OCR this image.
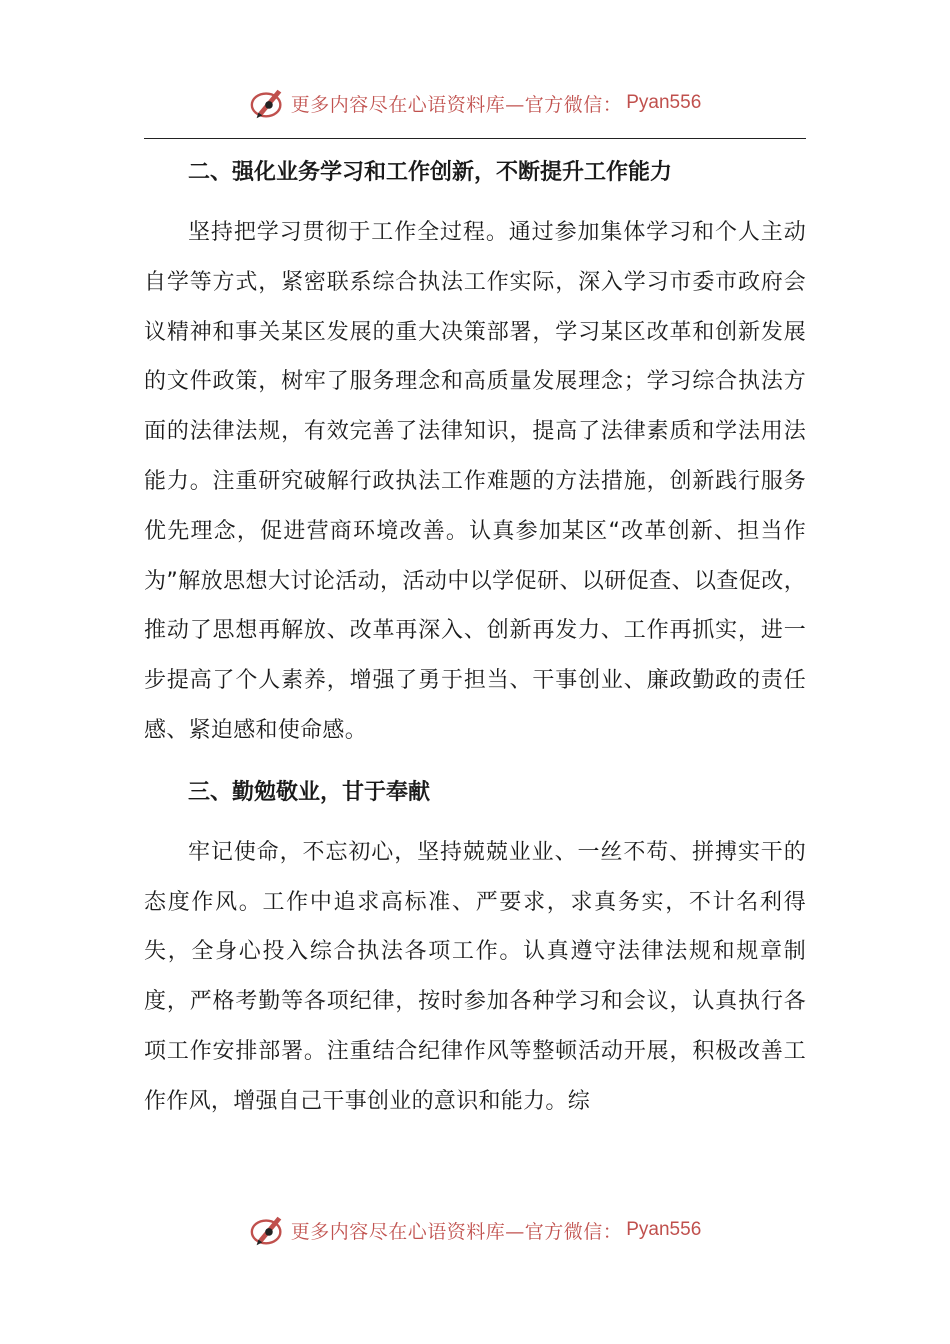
更多内容尽在心语资料库—官方微信： Pyan556

二、强化业务学习和工作创新，不断提升工作能力

坚持把学习贯彻于工作全过程。通过参加集体学习和个人主动自学等方式，紧密联系综合执法工作实际，深入学习市委市政府会议精神和事关某区发展的重大决策部署，学习某区改革和创新发展的文件政策，树牢了服务理念和高质量发展理念；学习综合执法方面的法律法规，有效完善了法律知识，提高了法律素质和学法用法能力。注重研究破解行政执法工作难题的方法措施，创新践行服务优先理念，促进营商环境改善。认真参加某区“改革创新、担当作为”解放思想大讨论活动，活动中以学促研、以研促查、以查促改，推动了思想再解放、改革再深入、创新再发力、工作再抓实，进一步提高了个人素养，增强了勇于担当、干事创业、廉政勤政的责任感、紧迫感和使命感。

三、勤勉敬业，甘于奉献

牢记使命，不忘初心，坚持兢兢业业、一丝不苟、拼搏实干的态度作风。工作中追求高标准、严要求，求真务实，不计名利得失，全身心投入综合执法各项工作。认真遵守法律法规和规章制度，严格考勤等各项纪律，按时参加各种学习和会议，认真执行各项工作安排部署。注重结合纪律作风等整顿活动开展，积极改善工作作风，增强自己干事创业的意识和能力。综

更多内容尽在心语资料库—官方微信： Pyan556
